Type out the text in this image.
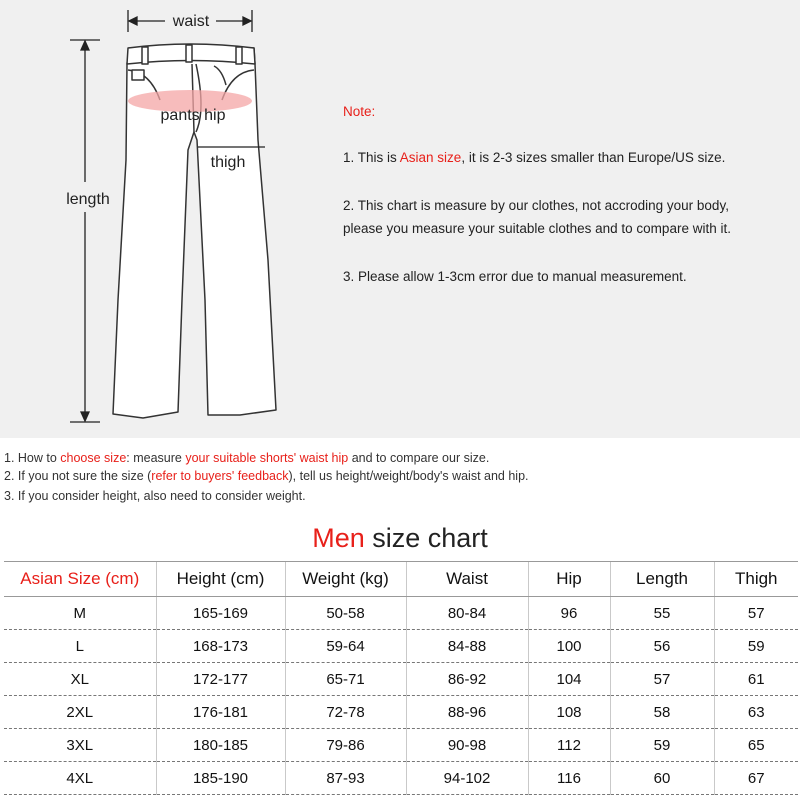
waist
pants hip
thigh
length
Note:
1. This is Asian size, it is 2-3 sizes smaller than Europe/US size.
2. This chart is measure by our clothes, not accroding your body,
please you measure your suitable clothes and to compare with it.
3. Please allow 1-3cm error due to manual measurement.
1. How to choose size: measure your suitable shorts' waist hip and to compare our size.
2. If you not sure the size (refer to buyers' feedback), tell us height/weight/body's waist and hip.
3. If you consider height, also need to consider weight.
Men size chart
Asian Size (cm)	Height (cm)	Weight (kg)	Waist	Hip	Length	Thigh
M	165-169	50-58	80-84	96	55	57
L	168-173	59-64	84-88	100	56	59
XL	172-177	65-71	86-92	104	57	61
2XL	176-181	72-78	88-96	108	58	63
3XL	180-185	79-86	90-98	112	59	65
4XL	185-190	87-93	94-102	116	60	67
